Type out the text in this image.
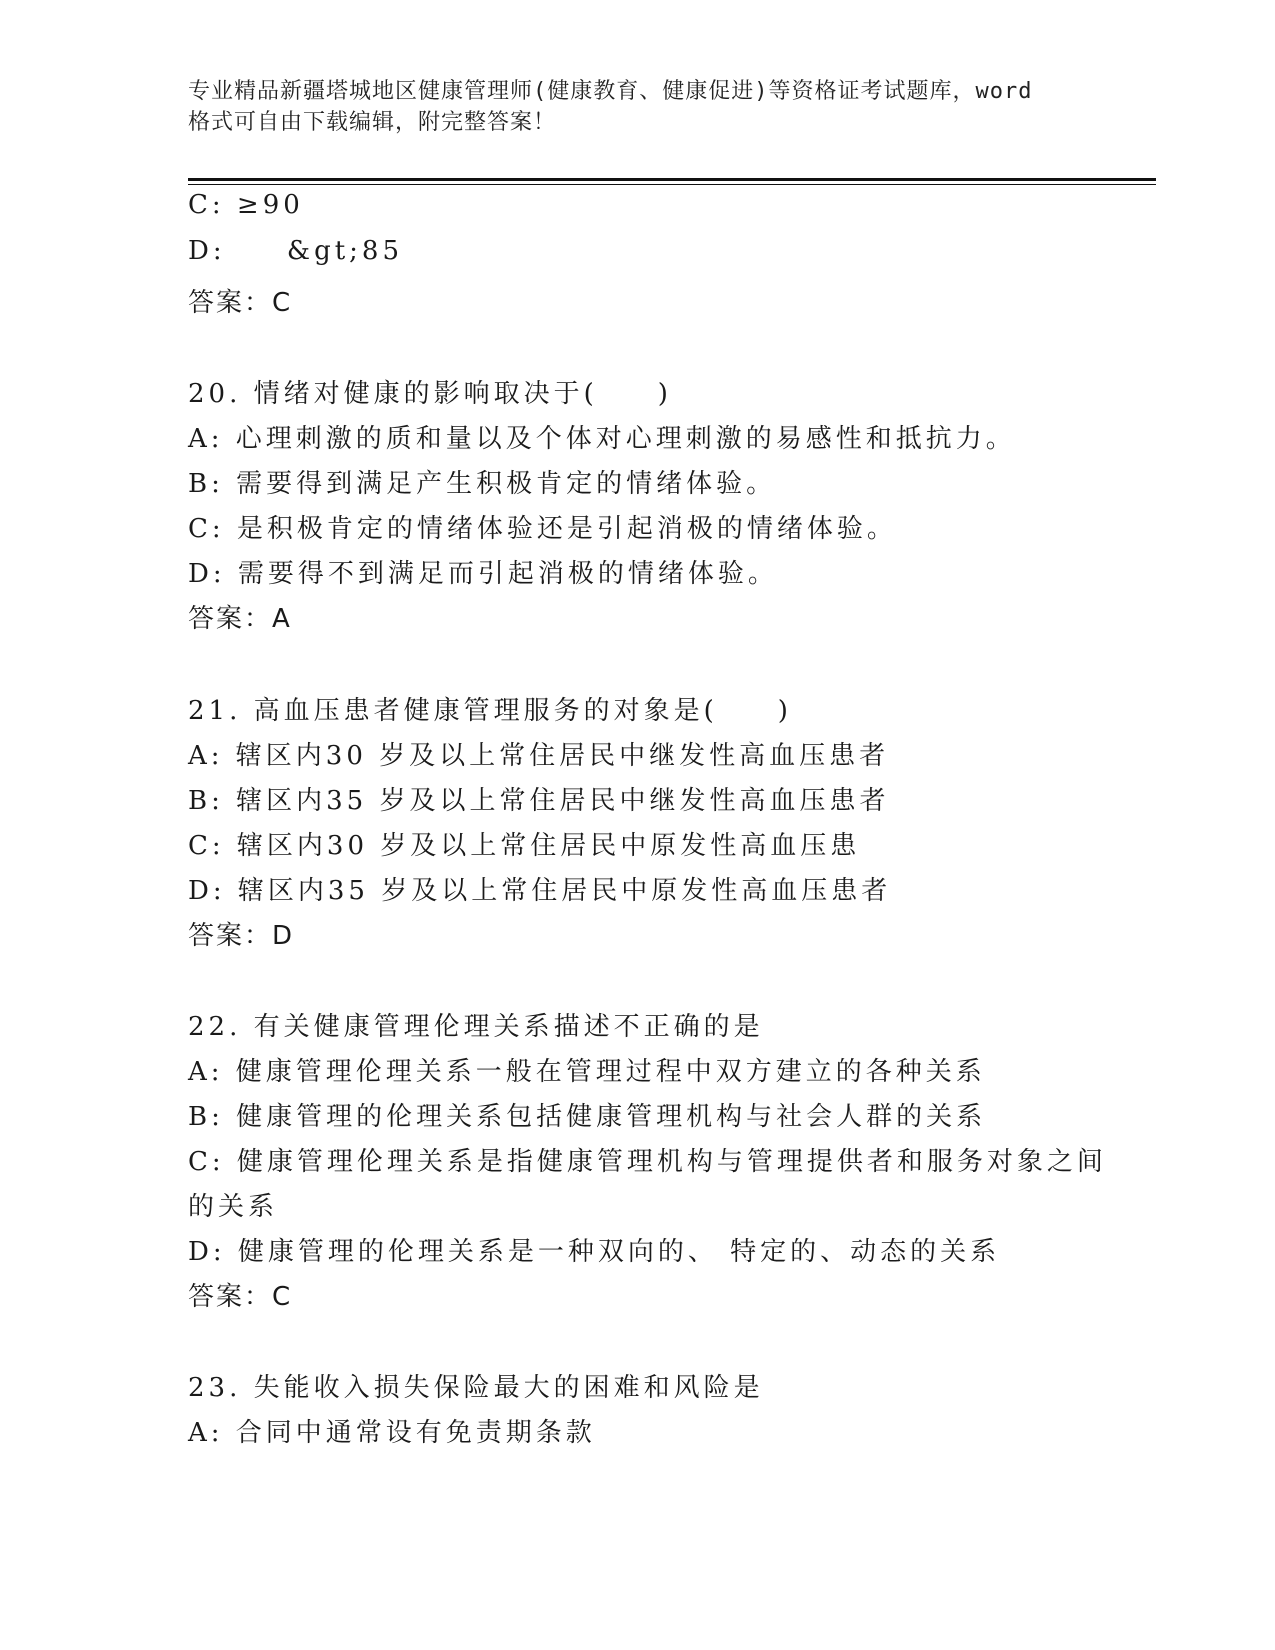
专业精品新疆塔城地区健康管理师(健康教育、健康促进)等资格证考试题库，word
格式可自由下载编辑，附完整答案！
C: ≥90
D:     &gt;85
答案：C
20. 情绪对健康的影响取决于(　　)
A: 心理刺激的质和量以及个体对心理刺激的易感性和抵抗力。
B: 需要得到满足产生积极肯定的情绪体验。
C: 是积极肯定的情绪体验还是引起消极的情绪体验。
D: 需要得不到满足而引起消极的情绪体验。
答案：A
21. 高血压患者健康管理服务的对象是(　　)
A: 辖区内30 岁及以上常住居民中继发性高血压患者
B: 辖区内35 岁及以上常住居民中继发性高血压患者
C: 辖区内30 岁及以上常住居民中原发性高血压患
D: 辖区内35 岁及以上常住居民中原发性高血压患者
答案：D
22. 有关健康管理伦理关系描述不正确的是
A: 健康管理伦理关系一般在管理过程中双方建立的各种关系
B: 健康管理的伦理关系包括健康管理机构与社会人群的关系
C: 健康管理伦理关系是指健康管理机构与管理提供者和服务对象之间
的关系
D: 健康管理的伦理关系是一种双向的、 特定的、动态的关系
答案：C
23. 失能收入损失保险最大的困难和风险是
A: 合同中通常设有免责期条款
